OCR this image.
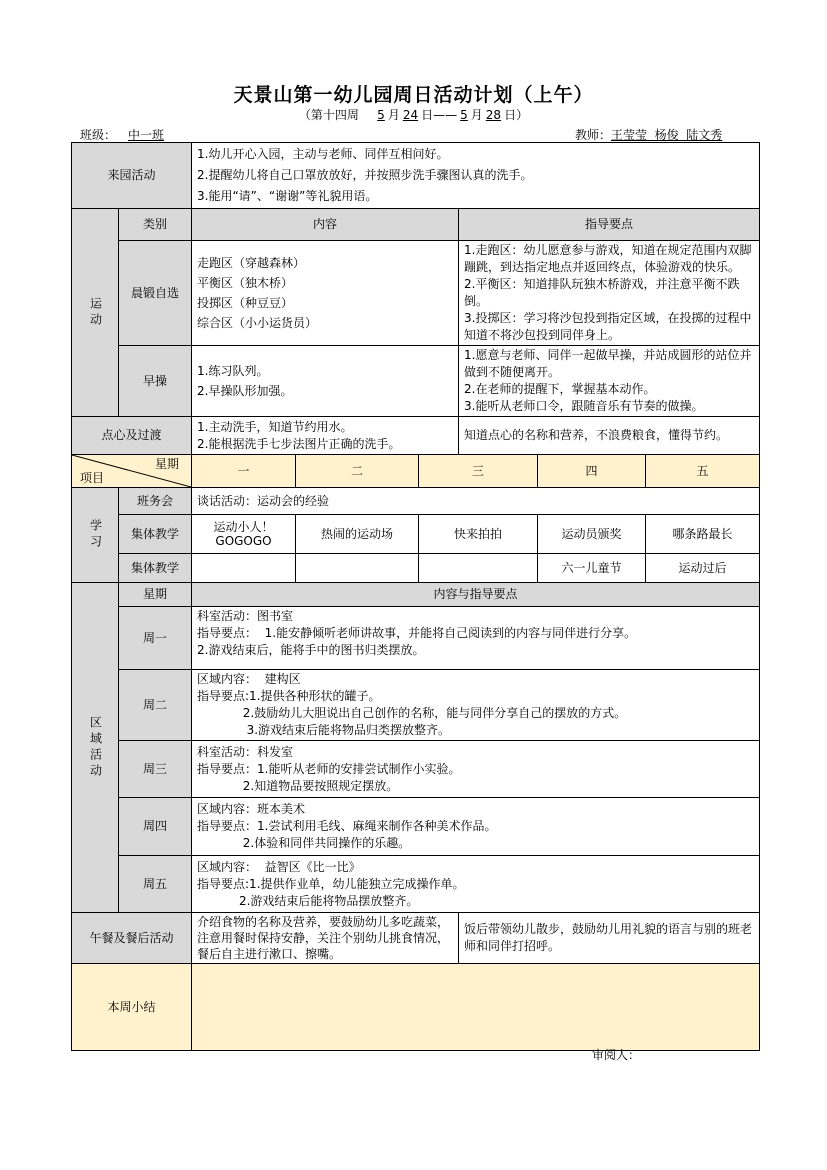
天景山第一幼儿园周日活动计划（上午）
（第十四周 5 月 24 日—— 5 月 28 日）
班级： 中一班	教师：王莹莹  杨俊  陆文秀
来园活动		1.幼儿开心入园，主动与老师、同伴互相问好。
2.提醒幼儿将自己口罩放放好，并按照步洗手骤图认真的洗手。
3.能用“请”、“谢谢”等礼貌用语。					
运动	类别	内容			指导要点		
	晨锻自选	走跑区（穿越森林）
平衡区（独木桥）
投掷区（种豆豆）
综合区（小小运货员）			1.走跑区：幼儿愿意参与游戏，知道在规定范围内双脚蹦跳，到达指定地点并返回终点，体验游戏的快乐。
2.平衡区：知道排队玩独木桥游戏，并注意平衡不跌倒。
3.投掷区：学习将沙包投到指定区域，在投掷的过程中知道不将沙包投到同伴身上。		
	早操	1.练习队列。
2.早操队形加强。			1.愿意与老师、同伴一起做早操，并站成圆形的站位并做到不随便离开。
2.在老师的提醒下，掌握基本动作。
3.能听从老师口令，跟随音乐有节奏的做操。		
点心及过渡		1.主动洗手，知道节约用水。
2.能根据洗手七步法图片正确的洗手。			知道点心的名称和营养，不浪费粮食，懂得节约。		

星期
项目		一	二	三		四	五
学习	班务会	谈话活动：运动会的经验					
	集体教学	运动小人！
GOGOGO	热闹的运动场	快来拍拍		运动员颁奖	哪条路最长
	集体教学					六一儿童节	运动过后
区域活动	星期	内容与指导要点					
	周一	科室活动：图书室
指导要点：  1.能安静倾听老师讲故事，并能将自己阅读到的内容与同伴进行分享。
2.游戏结束后，能将手中的图书归类摆放。					
	周二	区域内容：  建构区
指导要点:1.提供各种形状的罐子。
2.鼓励幼儿大胆说出自己创作的名称，能与同伴分享自己的摆放的方式。
3.游戏结束后能将物品归类摆放整齐。					
	周三	科室活动：科发室
指导要点：1.能听从老师的安排尝试制作小实验。
2.知道物品要按照规定摆放。					
	周四	区域内容：班本美术
指导要点：1.尝试利用毛线、麻绳来制作各种美术作品。
2.体验和同伴共同操作的乐趣。					
	周五	区域内容：  益智区《比一比》
指导要点:1.提供作业单，幼儿能独立完成操作单。
2.游戏结束后能将物品摆放整齐。					
午餐及餐后活动		介绍食物的名称及营养，要鼓励幼儿多吃蔬菜，注意用餐时保持安静，关注个别幼儿挑食情况，餐后自主进行漱口、擦嘴。			饭后带领幼儿散步，鼓励幼儿用礼貌的语言与别的班老师和同伴打招呼。		
本周小结							
审阅人：
